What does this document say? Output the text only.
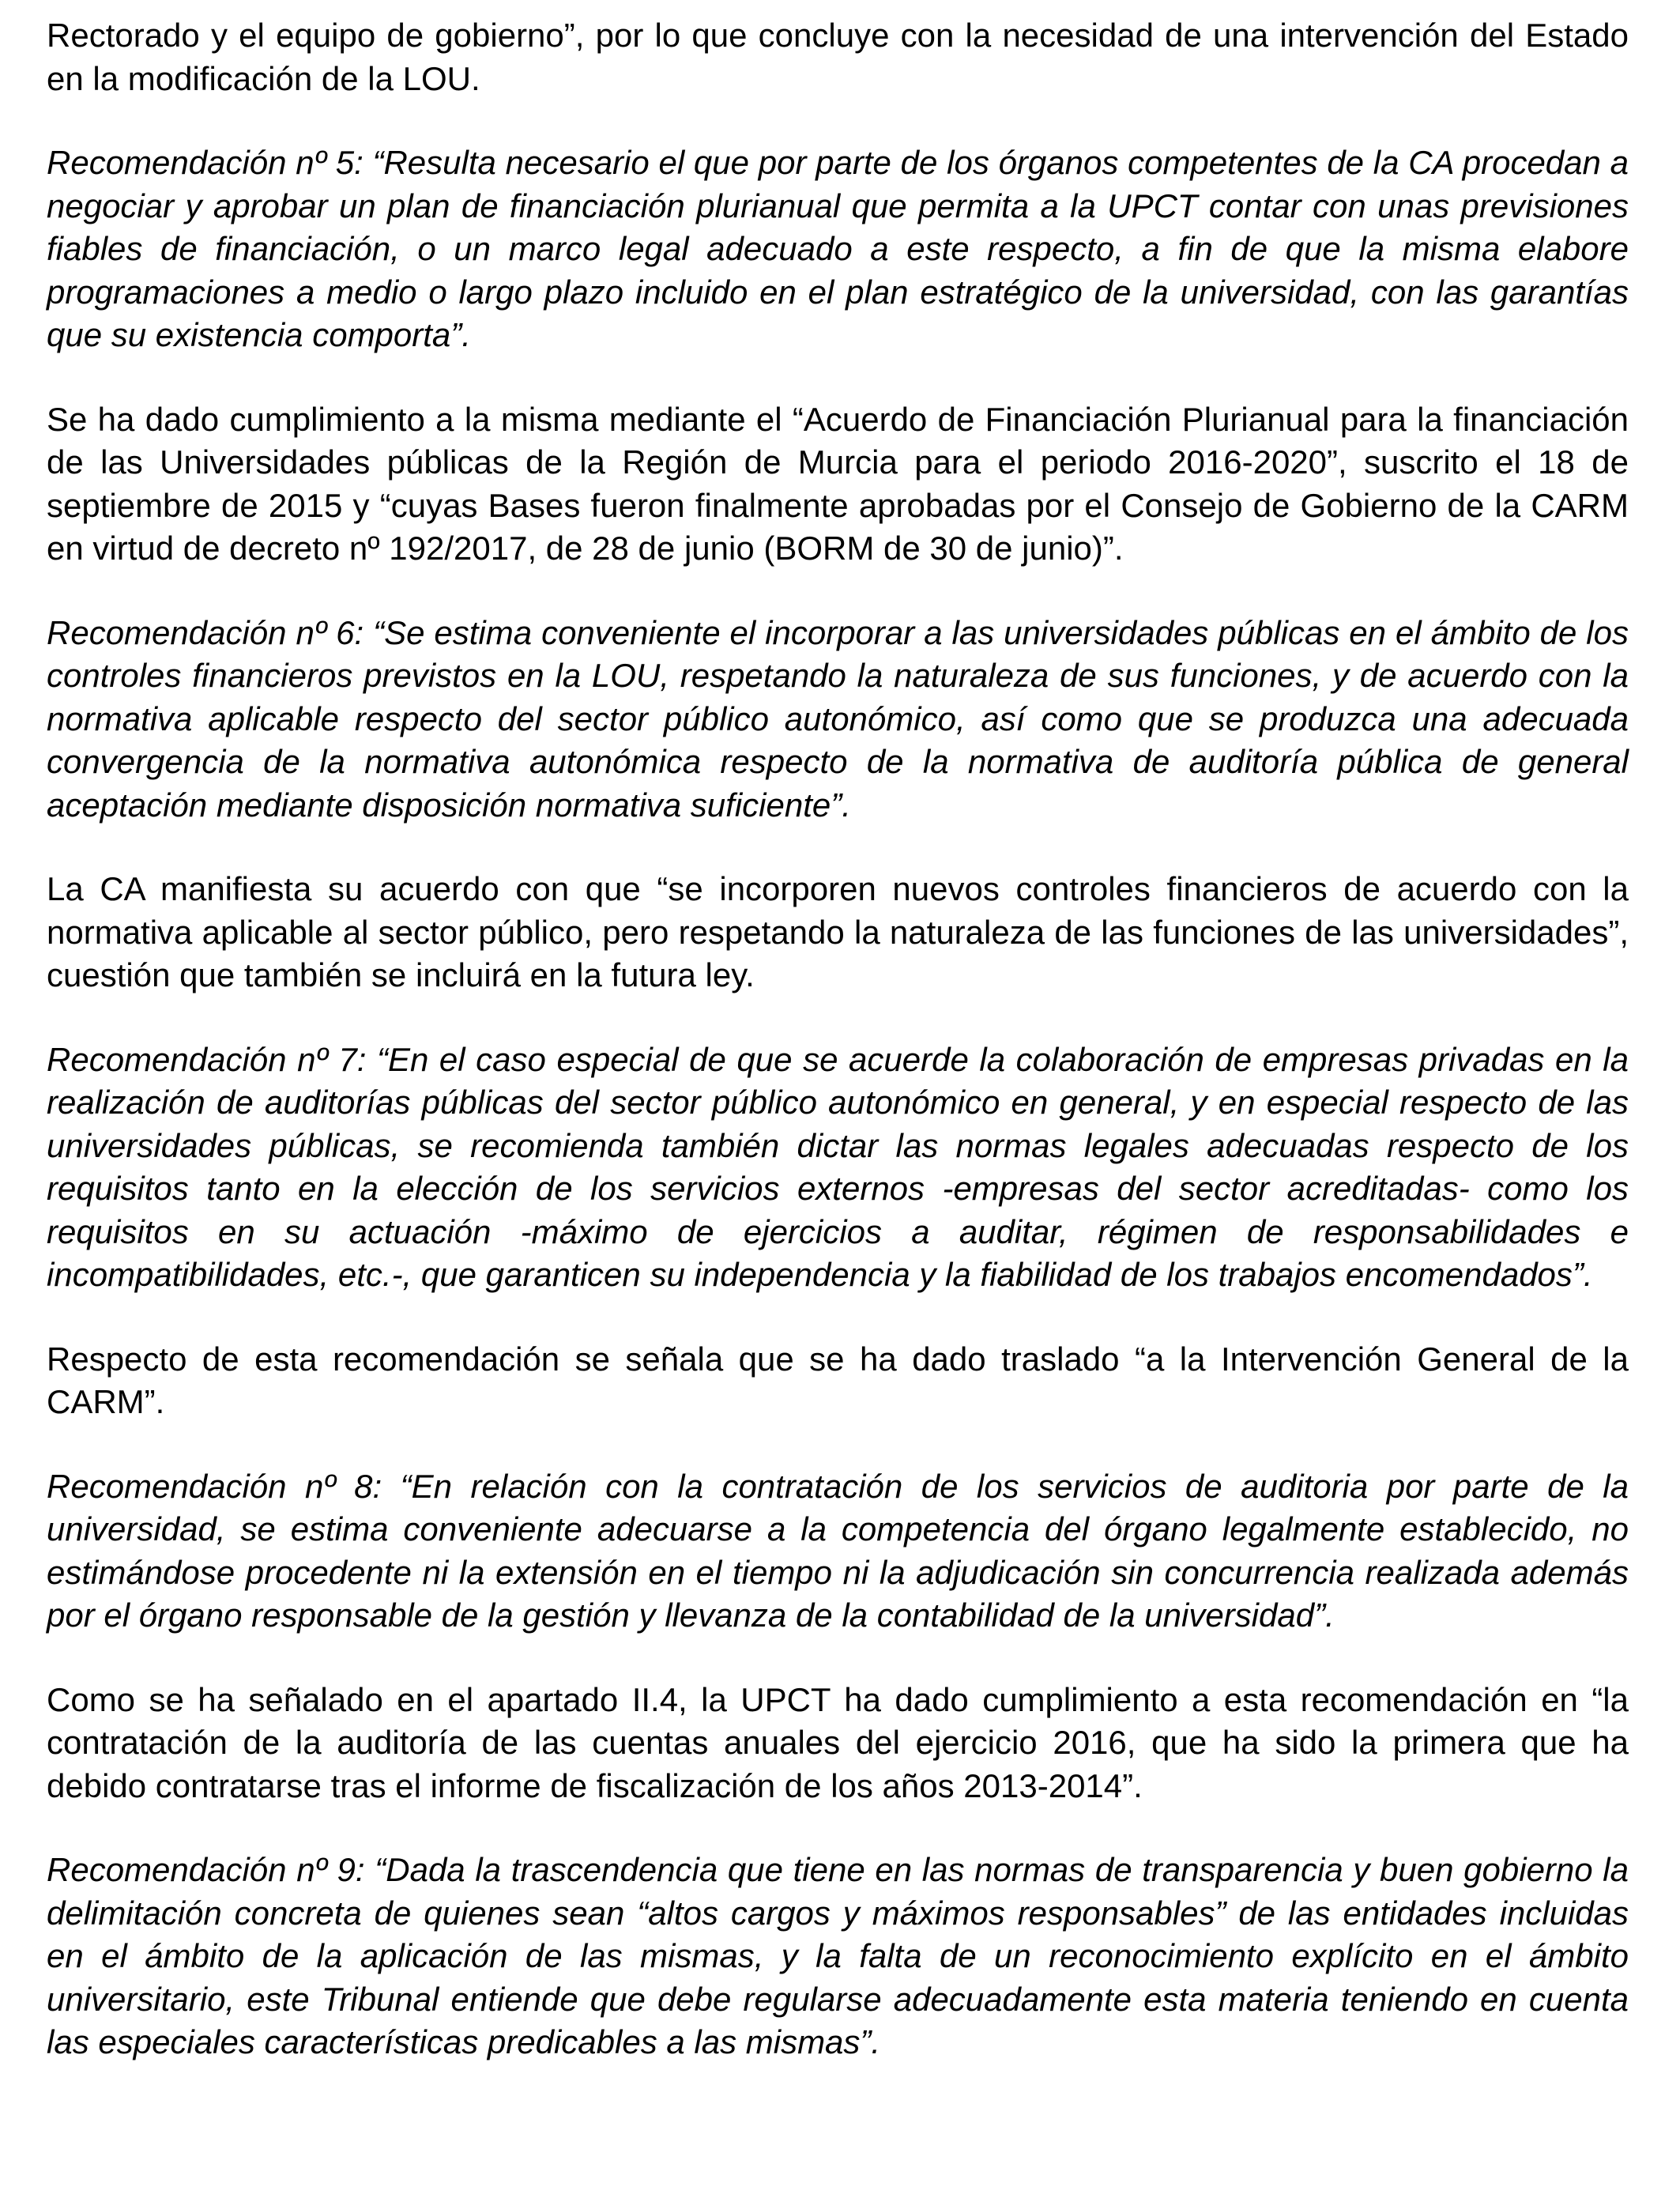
Rectorado y el equipo de gobierno”, por lo que concluye con la necesidad de una intervención del Estado en la modificación de la LOU.

Recomendación nº 5: “Resulta necesario el que por parte de los órganos competentes de la CA procedan a negociar y aprobar un plan de financiación plurianual que permita a la UPCT contar con unas previsiones fiables de financiación, o un marco legal adecuado a este respecto, a fin de que la misma elabore programaciones a medio o largo plazo incluido en el plan estratégico de la universidad, con las garantías que su existencia comporta”.

Se ha dado cumplimiento a la misma mediante el “Acuerdo de Financiación Plurianual para la financiación de las Universidades públicas de la Región de Murcia para el periodo 2016-2020”, suscrito el 18 de septiembre de 2015 y “cuyas Bases fueron finalmente aprobadas por el Consejo de Gobierno de la CARM en virtud de decreto nº 192/2017, de 28 de junio (BORM de 30 de junio)”.

Recomendación nº 6: “Se estima conveniente el incorporar a las universidades públicas en el ámbito de los controles financieros previstos en la LOU, respetando la naturaleza de sus funciones, y de acuerdo con la normativa aplicable respecto del sector público autonómico, así como que se produzca una adecuada convergencia de la normativa autonómica respecto de la normativa de auditoría pública de general aceptación mediante disposición normativa suficiente”.

La CA manifiesta su acuerdo con que “se incorporen nuevos controles financieros de acuerdo con la normativa aplicable al sector público, pero respetando la naturaleza de las funciones de las universidades”, cuestión que también se incluirá en la futura ley.

Recomendación nº 7: “En el caso especial de que se acuerde la colaboración de empresas privadas en la realización de auditorías públicas del sector público autonómico en general, y en especial respecto de las universidades públicas, se recomienda también dictar las normas legales adecuadas respecto de los requisitos tanto en la elección de los servicios externos -empresas del sector acreditadas- como los requisitos en su actuación -máximo de ejercicios a auditar, régimen de responsabilidades e incompatibilidades, etc.-, que garanticen su independencia y la fiabilidad de los trabajos encomendados”.

Respecto de esta recomendación se señala que se ha dado traslado “a la Intervención General de la CARM”.

Recomendación nº 8: “En relación con la contratación de los servicios de auditoria por parte de la universidad, se estima conveniente adecuarse a la competencia del órgano legalmente establecido, no estimándose procedente ni la extensión en el tiempo ni la adjudicación sin concurrencia realizada además por el órgano responsable de la gestión y llevanza de la contabilidad de la universidad”.

Como se ha señalado en el apartado II.4, la UPCT ha dado cumplimiento a esta recomendación en “la contratación de la auditoría de las cuentas anuales del ejercicio 2016, que ha sido la primera que ha debido contratarse tras el informe de fiscalización de los años 2013-2014”.

Recomendación nº 9: “Dada la trascendencia que tiene en las normas de transparencia y buen gobierno la delimitación concreta de quienes sean “altos cargos y máximos responsables” de las entidades incluidas en el ámbito de la aplicación de las mismas, y la falta de un reconocimiento explícito en el ámbito universitario, este Tribunal entiende que debe regularse adecuadamente esta materia teniendo en cuenta las especiales características predicables a las mismas”.
